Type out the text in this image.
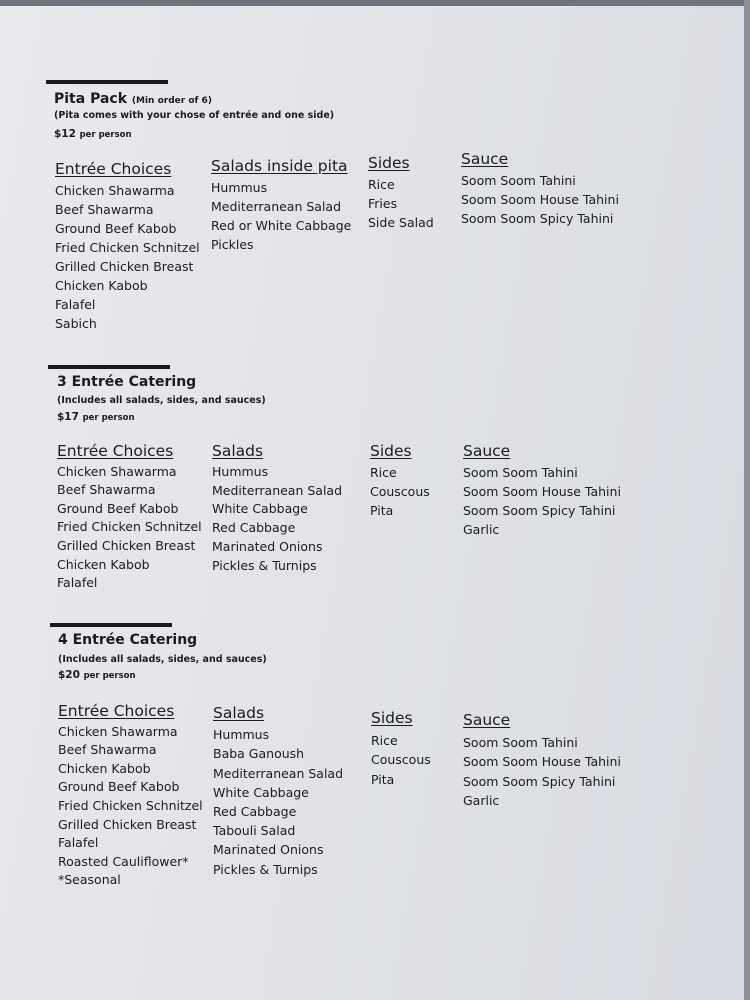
Pita Pack (Min order of 6)
(Pita comes with your chose of entrée and one side)
$12 per person
Entrée Choices
Chicken Shawarma
Beef Shawarma
Ground Beef Kabob
Fried Chicken Schnitzel
Grilled Chicken Breast
Chicken Kabob
Falafel
Sabich
Salads inside pita
Hummus
Mediterranean Salad
Red or White Cabbage
Pickles
Sides
Rice
Fries
Side Salad
Sauce
Soom Soom Tahini
Soom Soom House Tahini
Soom Soom Spicy Tahini
3 Entrée Catering
(Includes all salads, sides, and sauces)
$17 per person
Entrée Choices
Chicken Shawarma
Beef Shawarma
Ground Beef Kabob
Fried Chicken Schnitzel
Grilled Chicken Breast
Chicken Kabob
Falafel
Salads
Hummus
Mediterranean Salad
White Cabbage
Red Cabbage
Marinated Onions
Pickles & Turnips
Sides
Rice
Couscous
Pita
Sauce
Soom Soom Tahini
Soom Soom House Tahini
Soom Soom Spicy Tahini
Garlic
4 Entrée Catering
(Includes all salads, sides, and sauces)
$20 per person
Entrée Choices
Chicken Shawarma
Beef Shawarma
Chicken Kabob
Ground Beef Kabob
Fried Chicken Schnitzel
Grilled Chicken Breast
Falafel
Roasted Cauliflower*
*Seasonal
Salads
Hummus
Baba Ganoush
Mediterranean Salad
White Cabbage
Red Cabbage
Tabouli Salad
Marinated Onions
Pickles & Turnips
Sides
Rice
Couscous
Pita
Sauce
Soom Soom Tahini
Soom Soom House Tahini
Soom Soom Spicy Tahini
Garlic
